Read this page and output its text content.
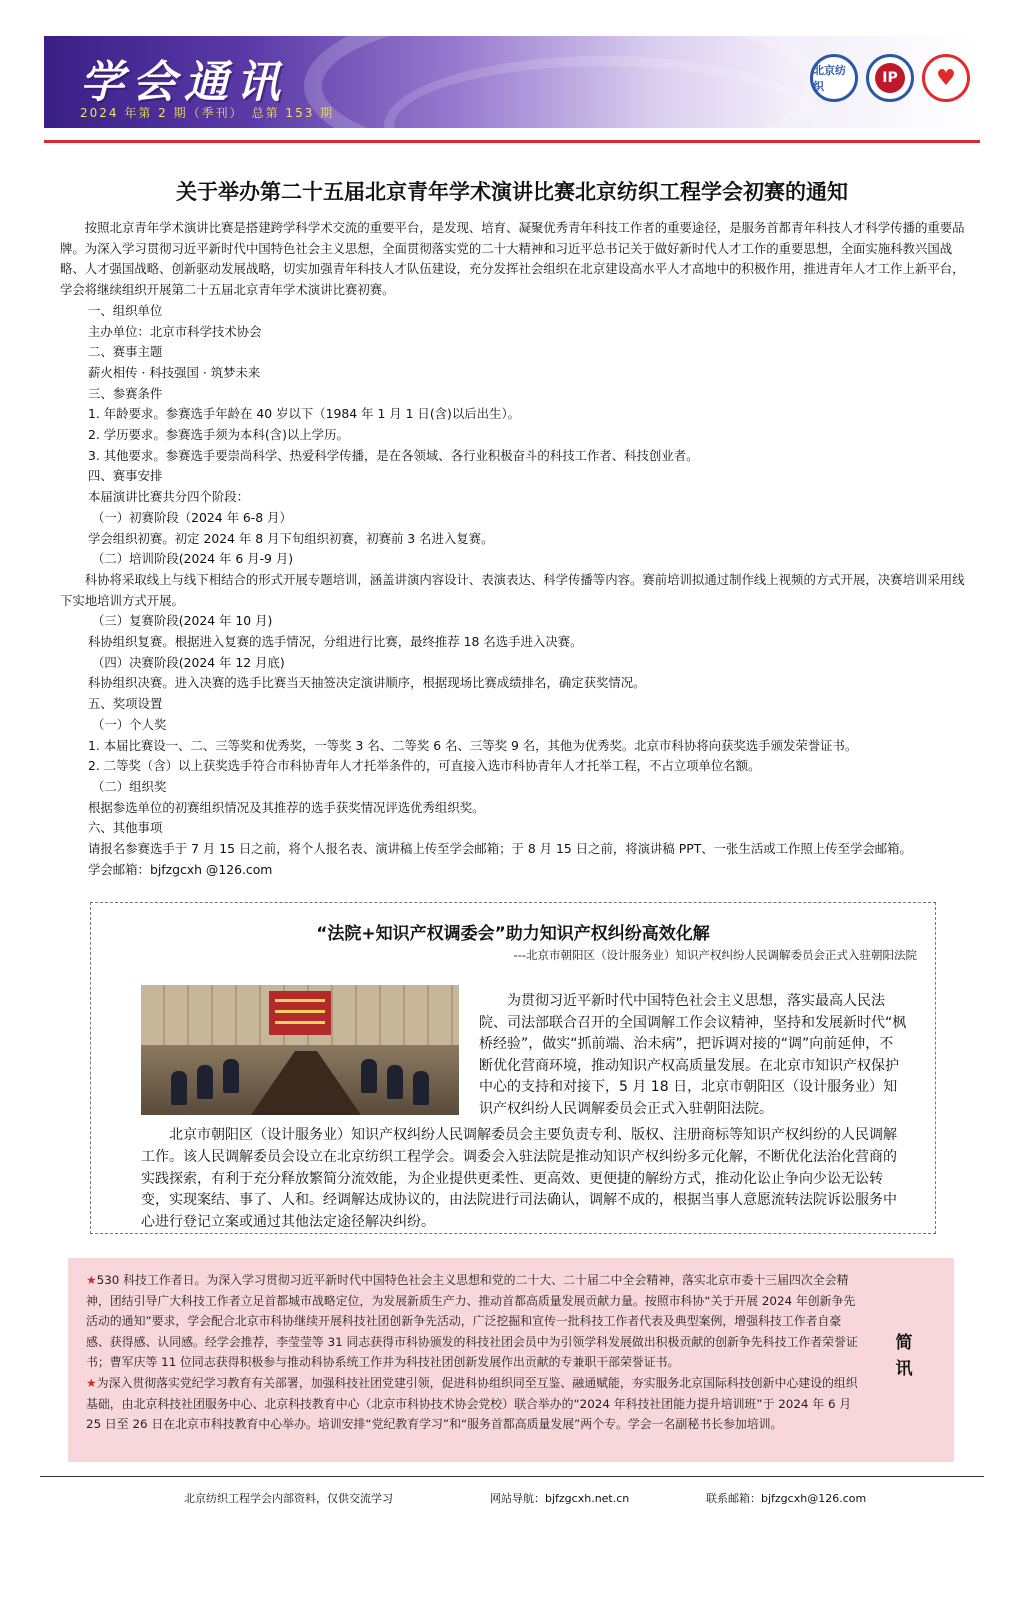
学会通讯
2024 年第 2 期（季刊）　总第 153 期
北京纺织
IP	♥
关于举办第二十五届北京青年学术演讲比赛北京纺织工程学会初赛的通知

按照北京青年学术演讲比赛是搭建跨学科学术交流的重要平台，是发现、培育、凝聚优秀青年科技工作者的重要途径，是服务首都青年科技人才科学传播的重要品牌。为深入学习贯彻习近平新时代中国特色社会主义思想，全面贯彻落实党的二十大精神和习近平总书记关于做好新时代人才工作的重要思想，全面实施科教兴国战略、人才强国战略、创新驱动发展战略，切实加强青年科技人才队伍建设，充分发挥社会组织在北京建设高水平人才高地中的积极作用，推进青年人才工作上新平台，学会将继续组织开展第二十五届北京青年学术演讲比赛初赛。

一、组织单位

主办单位：北京市科学技术协会

二、赛事主题

薪火相传 · 科技强国 · 筑梦未来

三、参赛条件

1. 年龄要求。参赛选手年龄在 40 岁以下（1984 年 1 月 1 日(含)以后出生）。

2. 学历要求。参赛选手须为本科(含)以上学历。

3. 其他要求。参赛选手要崇尚科学、热爱科学传播，是在各领域、各行业积极奋斗的科技工作者、科技创业者。

四、赛事安排

本届演讲比赛共分四个阶段：

（一）初赛阶段（2024 年 6-8 月）

学会组织初赛。初定 2024 年 8 月下旬组织初赛，初赛前 3 名进入复赛。

（二）培训阶段(2024 年 6 月-9 月)

科协将采取线上与线下相结合的形式开展专题培训，涵盖讲演内容设计、表演表达、科学传播等内容。赛前培训拟通过制作线上视频的方式开展，决赛培训采用线下实地培训方式开展。

（三）复赛阶段(2024 年 10 月)

科协组织复赛。根据进入复赛的选手情况，分组进行比赛，最终推荐 18 名选手进入决赛。

（四）决赛阶段(2024 年 12 月底)

科协组织决赛。进入决赛的选手比赛当天抽签决定演讲顺序，根据现场比赛成绩排名，确定获奖情况。

五、奖项设置

（一）个人奖

1. 本届比赛设一、二、三等奖和优秀奖，一等奖 3 名、二等奖 6 名、三等奖 9 名，其他为优秀奖。北京市科协将向获奖选手颁发荣誉证书。

2. 二等奖（含）以上获奖选手符合市科协青年人才托举条件的，可直接入选市科协青年人才托举工程，不占立项单位名额。

（二）组织奖

根据参选单位的初赛组织情况及其推荐的选手获奖情况评选优秀组织奖。

六、其他事项

请报名参赛选手于 7 月 15 日之前，将个人报名表、演讲稿上传至学会邮箱；于 8 月 15 日之前，将演讲稿 PPT、一张生活或工作照上传至学会邮箱。

学会邮箱：bjfzgcxh @126.com

“法院+知识产权调委会”助力知识产权纠纷高效化解
---北京市朝阳区（设计服务业）知识产权纠纷人民调解委员会正式入驻朝阳法院

为贯彻习近平新时代中国特色社会主义思想，落实最高人民法院、司法部联合召开的全国调解工作会议精神，坚持和发展新时代“枫桥经验”，做实“抓前端、治未病”，把诉调对接的“调”向前延伸，不断优化营商环境，推动知识产权高质量发展。在北京市知识产权保护中心的支持和对接下，5 月 18 日，北京市朝阳区（设计服务业）知识产权纠纷人民调解委员会正式入驻朝阳法院。

北京市朝阳区（设计服务业）知识产权纠纷人民调解委员会主要负责专利、版权、注册商标等知识产权纠纷的人民调解工作。该人民调解委员会设立在北京纺织工程学会。调委会入驻法院是推动知识产权纠纷多元化解，不断优化法治化营商的实践探索，有利于充分释放繁简分流效能，为企业提供更柔性、更高效、更便捷的解纷方式，推动化讼止争向少讼无讼转变，实现案结、事了、人和。经调解达成协议的，由法院进行司法确认，调解不成的，根据当事人意愿流转法院诉讼服务中心进行登记立案或通过其他法定途径解决纠纷。

★530 科技工作者日。为深入学习贯彻习近平新时代中国特色社会主义思想和党的二十大、二十届二中全会精神，落实北京市委十三届四次全会精神，团结引导广大科技工作者立足首都城市战略定位，为发展新质生产力、推动首都高质量发展贡献力量。按照市科协“关于开展 2024 年创新争先活动的通知”要求，学会配合北京市科协继续开展科技社团创新争先活动，广泛挖掘和宣传一批科技工作者代表及典型案例，增强科技工作者自豪感、获得感、认同感。经学会推荐，李莹莹等 31 同志获得市科协颁发的科技社团会员中为引领学科发展做出积极贡献的创新争先科技工作者荣誉证书；曹军庆等 11 位同志获得积极参与推动科协系统工作并为科技社团创新发展作出贡献的专兼职干部荣誉证书。

★为深入贯彻落实党纪学习教育有关部署，加强科技社团党建引领，促进科协组织同至互鉴、融通赋能，夯实服务北京国际科技创新中心建设的组织基础，由北京科技社团服务中心、北京科技教育中心（北京市科协技术协会党校）联合举办的“2024 年科技社团能力提升培训班”于 2024 年 6 月 25 日至 26 日在北京市科技教育中心举办。培训安排“党纪教育学习”和“服务首都高质量发展”两个专。学会一名副秘书长参加培训。

简讯
北京纺织工程学会内部资料，仅供交流学习	网站导航：bjfzgcxh.net.cn	联系邮箱：bjfzgcxh@126.com
